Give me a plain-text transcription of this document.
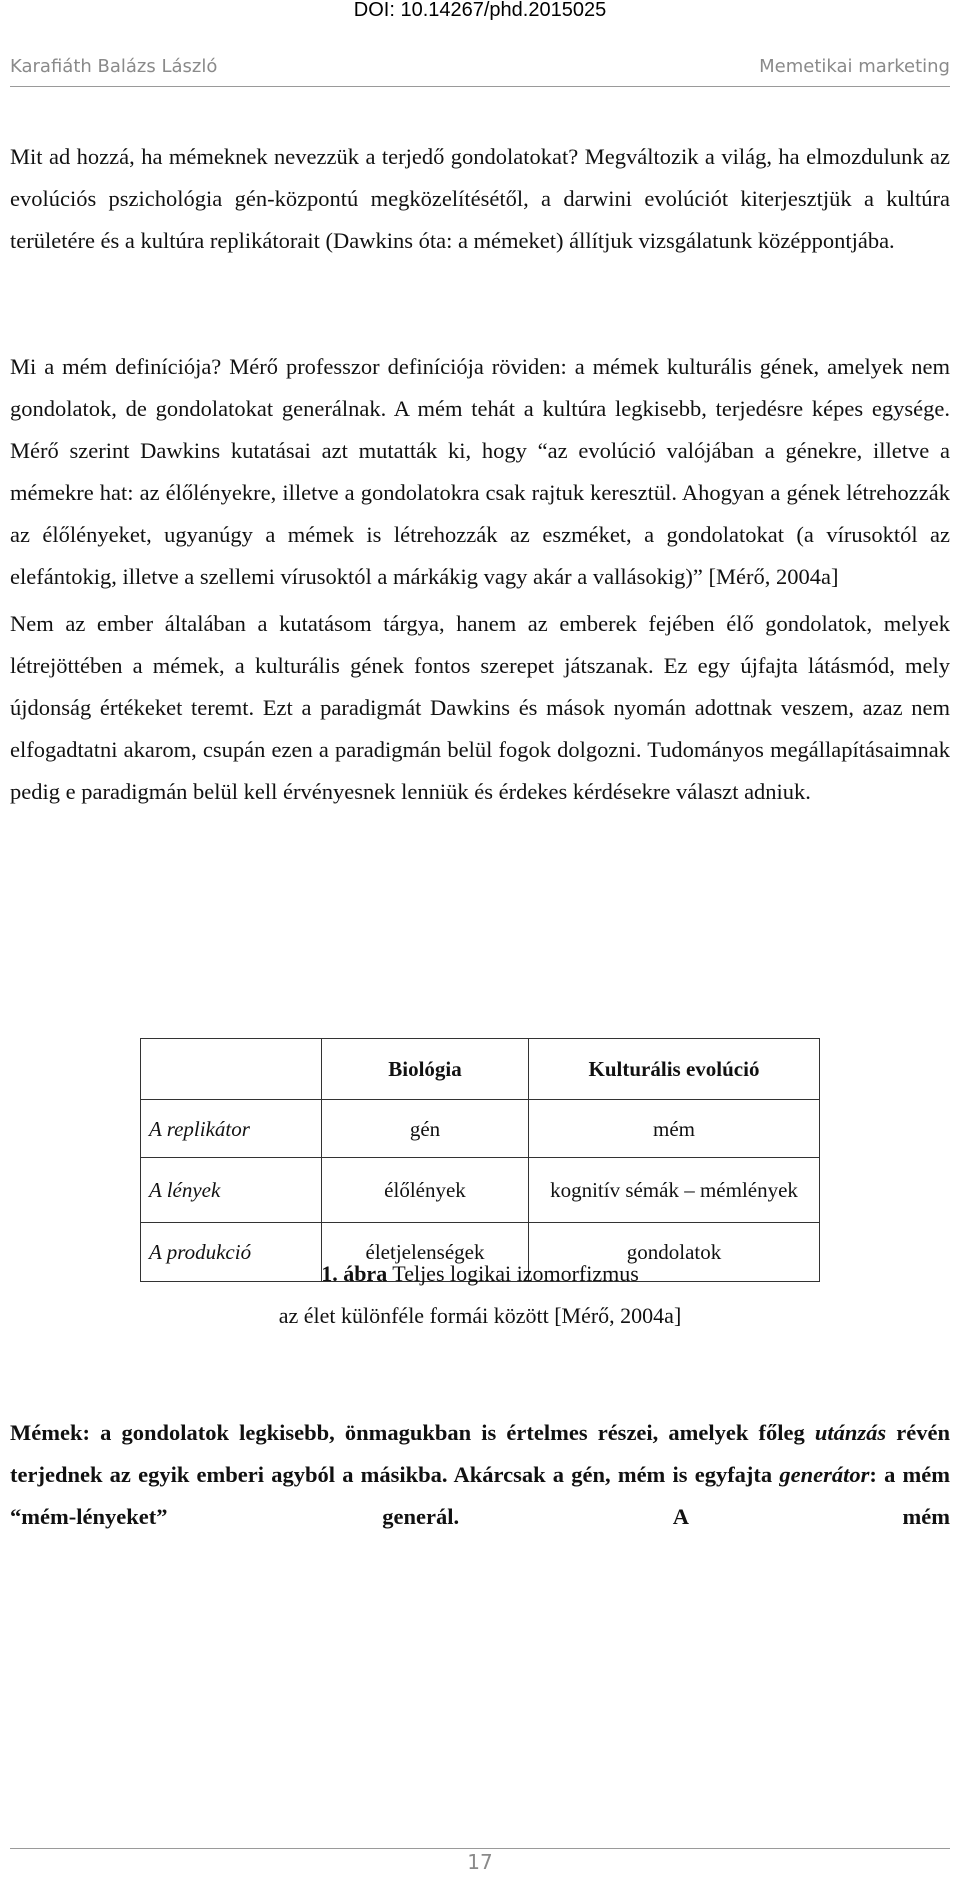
DOI: 10.14267/phd.2015025
Karafiáth Balázs László	Memetikai marketing

Mit ad hozzá, ha mémeknek nevezzük a terjedő gondolatokat? Megváltozik a világ, ha elmozdulunk az evolúciós pszichológia gén-központú megközelítésétől, a darwini evolúciót kiterjesztjük a kultúra területére és a kultúra replikátorait (Dawkins óta: a mémeket) állítjuk vizsgálatunk középpontjába.

Mi a mém definíciója? Mérő professzor definíciója röviden: a mémek kulturális gének, amelyek nem gondolatok, de gondolatokat generálnak. A mém tehát a kultúra legkisebb, terjedésre képes egysége. Mérő szerint Dawkins kutatásai azt mutatták ki, hogy “az evolúció valójában a génekre, illetve a mémekre hat: az élőlényekre, illetve a gondolatokra csak rajtuk keresztül. Ahogyan a gének létrehozzák az élőlényeket, ugyanúgy a mémek is létrehozzák az eszméket, a gondolatokat (a vírusoktól az elefántokig, illetve a szellemi vírusoktól a márkákig vagy akár a vallásokig)” [Mérő, 2004a]

Nem az ember általában a kutatásom tárgya, hanem az emberek fejében élő gondolatok, melyek létrejöttében a mémek, a kulturális gének fontos szerepet játszanak. Ez egy újfajta látásmód, mely újdonság értékeket teremt. Ezt a paradigmát Dawkins és mások nyomán adottnak veszem, azaz nem elfogadtatni akarom, csupán ezen a paradigmán belül fogok dolgozni. Tudományos megállapításaimnak pedig e paradigmán belül kell érvényesnek lenniük és érdekes kérdésekre választ adniuk.

	Biológia	Kulturális evolúció
A replikátor	gén	mém
A lények	élőlények	kognitív sémák – mémlények
A produkció	életjelenségek	gondolatok
1. ábra Teljes logikai izomorfizmus
az élet különféle formái között [Mérő, 2004a]

Mémek: a gondolatok legkisebb, önmagukban is értelmes részei, amelyek főleg utánzás révén terjednek az egyik emberi agyból a másikba. Akárcsak a gén, mém is egyfajta generátor: a mém “mém-lényeket” generál. A mém

17
